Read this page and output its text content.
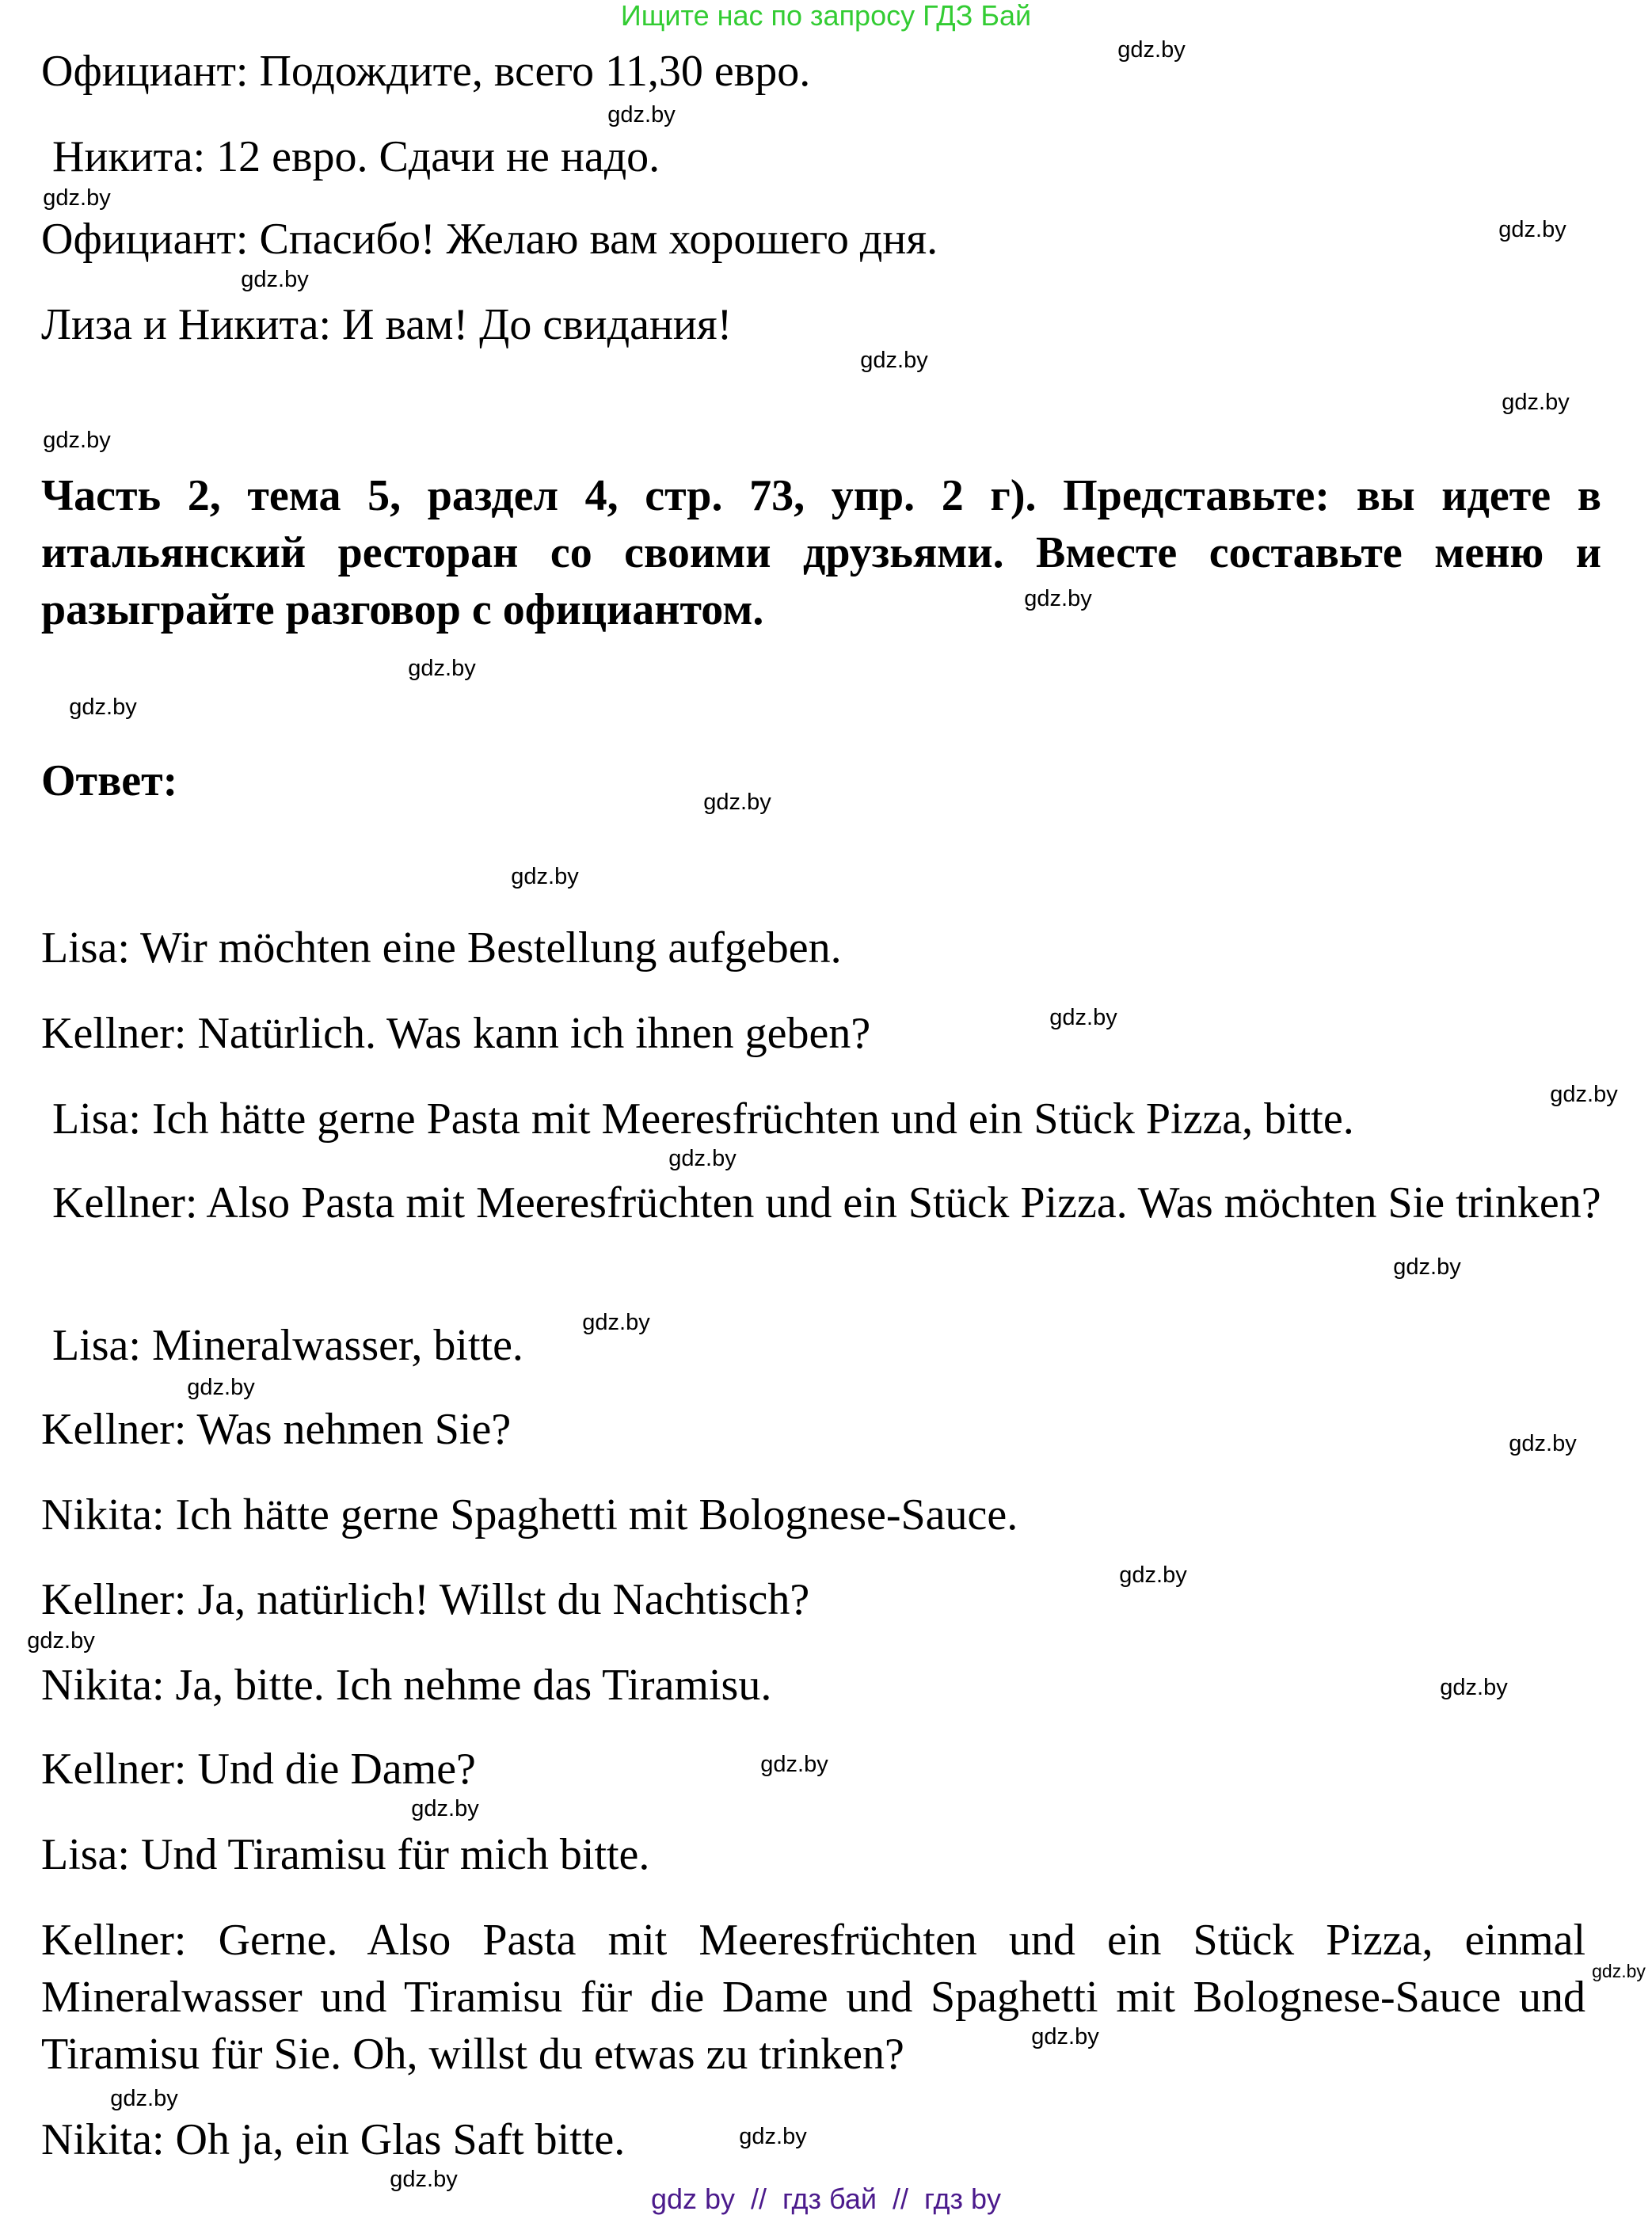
Ищите нас по запросу ГДЗ Бай
Официант: Подождите, всего 11,30 евро.
Никита: 12 евро. Сдачи не надо.
Официант: Спасибо! Желаю вам хорошего дня.
Лиза и Никита: И вам! До свидания!
Часть 2, тема 5, раздел 4, стр. 73, упр. 2 г). Представьте: вы идете в итальянский ресторан со своими друзьями. Вместе составьте меню и разыграйте разговор с официантом.
Ответ:
Lisa: Wir möchten eine Bestellung aufgeben.
Kellner: Natürlich. Was kann ich ihnen geben?
Lisa: Ich hätte gerne Pasta mit Meeresfrüchten und ein Stück Pizza, bitte.
Kellner: Also Pasta mit Meeresfrüchten und ein Stück Pizza. Was möchten Sie trinken?
Lisa: Mineralwasser, bitte.
Kellner: Was nehmen Sie?
Nikita: Ich hätte gerne Spaghetti mit Bolognese-Sauce.
Kellner: Ja, natürlich! Willst du Nachtisch?
Nikita: Ja, bitte. Ich nehme das Tiramisu.
Kellner: Und die Dame?
Lisa: Und Tiramisu für mich bitte.
Kellner: Gerne. Also Pasta mit Meeresfrüchten und ein Stück Pizza, einmal Mineralwasser und Tiramisu für die Dame und Spaghetti mit Bolognese-Sauce und Tiramisu für Sie. Oh, willst du etwas zu trinken?
Nikita: Oh ja, ein Glas Saft bitte.
gdz.by
gdz.by
gdz.by
gdz.by
gdz.by
gdz.by
gdz.by
gdz.by
gdz.by
gdz.by
gdz.by
gdz.by
gdz.by
gdz.by
gdz.by
gdz.by
gdz.by
gdz.by
gdz.by
gdz.by
gdz.by
gdz.by
gdz.by
gdz.by
gdz.by
gdz.by
gdz.by
gdz.by
gdz.by
gdz.by
gdz by  //  гдз бай  //  гдз by
